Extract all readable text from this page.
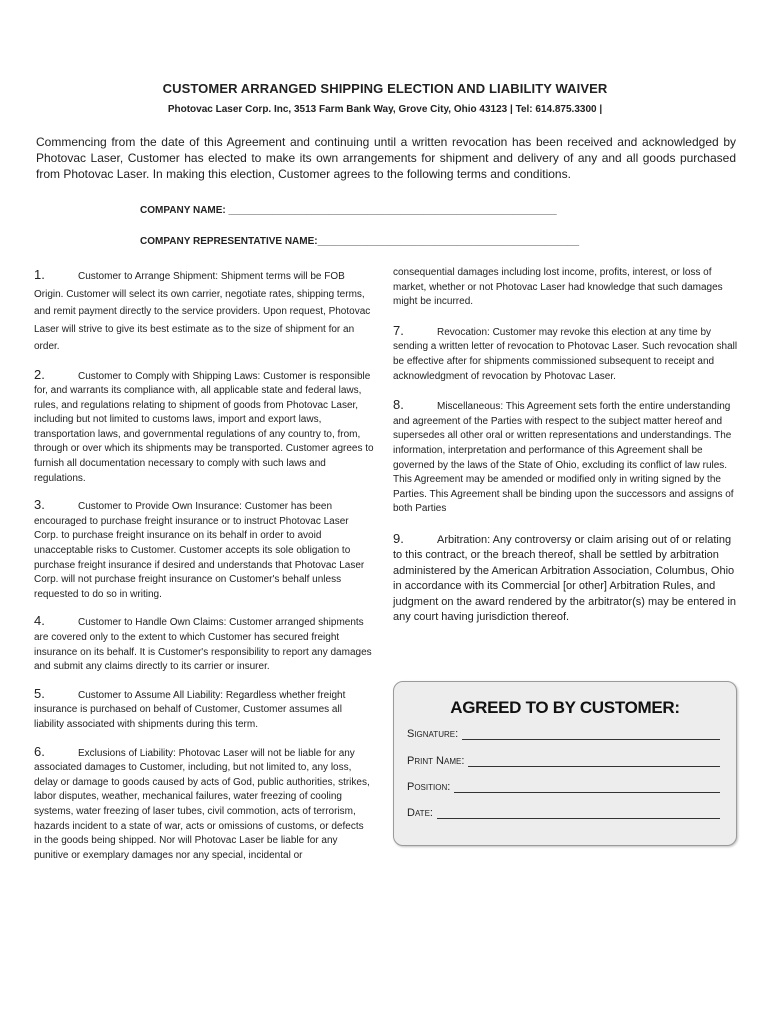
CUSTOMER ARRANGED SHIPPING ELECTION AND LIABILITY WAIVER
Photovac Laser Corp. Inc, 3513 Farm Bank Way, Grove City, Ohio 43123 | Tel: 614.875.3300 |
Commencing from the date of this Agreement and continuing until a written revocation has been received and acknowledged by Photovac Laser, Customer has elected to make its own arrangements for shipment and delivery of any and all goods purchased from Photovac Laser. In making this election, Customer agrees to the following terms and conditions.
COMPANY NAME: ___________________________________________________________
COMPANY REPRESENTATIVE NAME:_______________________________________________
1.	Customer to Arrange Shipment: Shipment terms will be FOB Origin. Customer will select its own carrier, negotiate rates, shipping terms, and remit payment directly to the service providers. Upon request, Photovac Laser will strive to give its best estimate as to the size of shipment for an order.
2.	Customer to Comply with Shipping Laws: Customer is responsible for, and warrants its compliance with, all applicable state and federal laws, rules, and regulations relating to shipment of goods from Photovac Laser, including but not limited to customs laws, import and export laws, transportation laws, and governmental regulations of any country to, from, through or over which its shipments may be transported. Customer agrees to furnish all documentation necessary to comply with such laws and regulations.
3.	Customer to Provide Own Insurance: Customer has been encouraged to purchase freight insurance or to instruct Photovac Laser Corp. to purchase freight insurance on its behalf in order to avoid unacceptable risks to Customer. Customer accepts its sole obligation to purchase freight insurance if desired and understands that Photovac Laser Corp. will not purchase freight insurance on Customer's behalf unless requested to do so in writing.
4.	Customer to Handle Own Claims: Customer arranged shipments are covered only to the extent to which Customer has secured freight insurance on its behalf. It is Customer's responsibility to report any damages and submit any claims directly to its carrier or insurer.
5.	Customer to Assume All Liability: Regardless whether freight insurance is purchased on behalf of Customer, Customer assumes all liability associated with shipments during this term.
6.	Exclusions of Liability: Photovac Laser will not be liable for any associated damages to Customer, including, but not limited to, any loss, delay or damage to goods caused by acts of God, public authorities, strikes, labor disputes, weather, mechanical failures, water freezing of cooling systems, water freezing of laser tubes, civil commotion, acts of terrorism, hazards incident to a state of war, acts or omissions of customs, or defects in the goods being shipped. Nor will Photovac Laser be liable for any punitive or exemplary damages nor any special, incidental or
consequential damages including lost income, profits, interest, or loss of market, whether or not Photovac Laser had knowledge that such damages might be incurred.
7.	Revocation: Customer may revoke this election at any time by sending a written letter of revocation to Photovac Laser. Such revocation shall be effective after for shipments commissioned subsequent to receipt and acknowledgment of revocation by Photovac Laser.
8.	Miscellaneous: This Agreement sets forth the entire understanding and agreement of the Parties with respect to the subject matter hereof and supersedes all other oral or written representations and understandings. The information, interpretation and performance of this Agreement shall be governed by the laws of the State of Ohio, excluding its conflict of law rules. This Agreement may be amended or modified only in writing signed by the Parties. This Agreement shall be binding upon the successors and assigns of both Parties
9.	Arbitration: Any controversy or claim arising out of or relating to this contract, or the breach thereof, shall be settled by arbitration administered by the American Arbitration Association, Columbus, Ohio in accordance with its Commercial [or other] Arbitration Rules, and judgment on the award rendered by the arbitrator(s) may be entered in any court having jurisdiction thereof.
AGREED TO BY CUSTOMER:
Signature:
Print Name:
Position:
Date:
